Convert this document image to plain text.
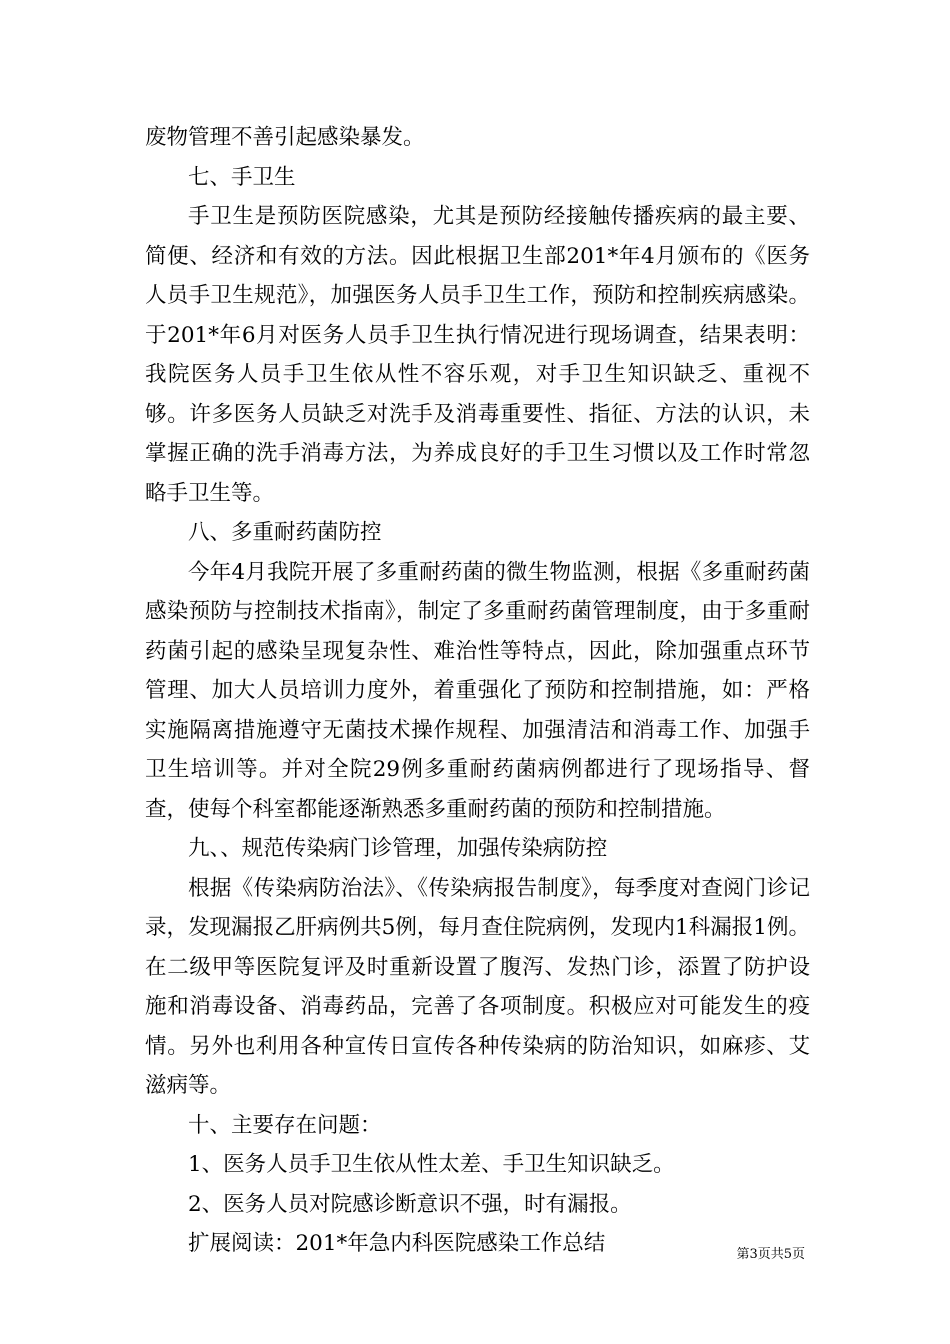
废物管理不善引起感染暴发。

七、手卫生

手卫生是预防医院感染，尤其是预防经接触传播疾病的最主要、简便、经济和有效的方法。因此根据卫生部201*年4月颁布的《医务人员手卫生规范》，加强医务人员手卫生工作，预防和控制疾病感染。于201*年6月对医务人员手卫生执行情况进行现场调查，结果表明：我院医务人员手卫生依从性不容乐观，对手卫生知识缺乏、重视不够。许多医务人员缺乏对洗手及消毒重要性、指征、方法的认识，未掌握正确的洗手消毒方法，为养成良好的手卫生习惯以及工作时常忽略手卫生等。

八、多重耐药菌防控

今年4月我院开展了多重耐药菌的微生物监测，根据《多重耐药菌感染预防与控制技术指南》，制定了多重耐药菌管理制度，由于多重耐药菌引起的感染呈现复杂性、难治性等特点，因此，除加强重点环节管理、加大人员培训力度外，着重强化了预防和控制措施，如：严格实施隔离措施遵守无菌技术操作规程、加强清洁和消毒工作、加强手卫生培训等。并对全院29例多重耐药菌病例都进行了现场指导、督查，使每个科室都能逐渐熟悉多重耐药菌的预防和控制措施。

九、、规范传染病门诊管理，加强传染病防控

根据《传染病防治法》、《传染病报告制度》，每季度对查阅门诊记录，发现漏报乙肝病例共5例，每月查住院病例，发现内1科漏报1例。在二级甲等医院复评及时重新设置了腹泻、发热门诊，添置了防护设施和消毒设备、消毒药品，完善了各项制度。积极应对可能发生的疫情。另外也利用各种宣传日宣传各种传染病的防治知识，如麻疹、艾滋病等。

十、主要存在问题：

1、医务人员手卫生依从性太差、手卫生知识缺乏。

2、医务人员对院感诊断意识不强，时有漏报。

扩展阅读：201*年急内科医院感染工作总结	第3页共5页
